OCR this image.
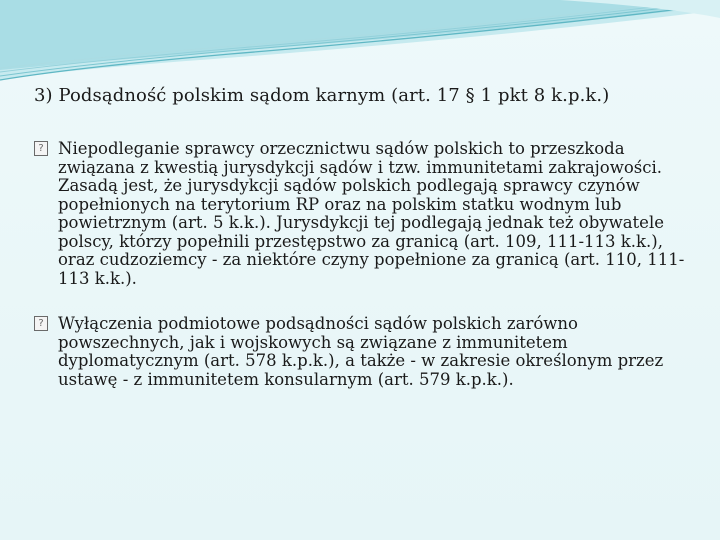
3) Podsądność polskim sądom karnym (art. 17 § 1 pkt 8 k.p.k.)
? Niepodleganie sprawcy orzecznictwu sądów polskich to przeszkoda związana z kwestią jurysdykcji sądów i tzw. immunitetami zakrajowości. Zasadą jest, że jurysdykcji sądów polskich podlegają sprawcy czynów popełnionych na terytorium RP oraz na polskim statku wodnym lub powietrznym (art. 5 k.k.). Jurysdykcji tej podlegają jednak też obywatele polscy, którzy popełnili przestępstwo za granicą (art. 109, 111-113 k.k.), oraz cudzoziemcy - za niektóre czyny popełnione za granicą (art. 110, 111-113 k.k.).
? Wyłączenia podmiotowe podsądności sądów polskich zarówno powszechnych, jak i wojskowych są związane z immunitetem dyplomatycznym (art. 578 k.p.k.), a także - w zakresie określonym przez ustawę - z immunitetem konsularnym (art. 579 k.p.k.).
